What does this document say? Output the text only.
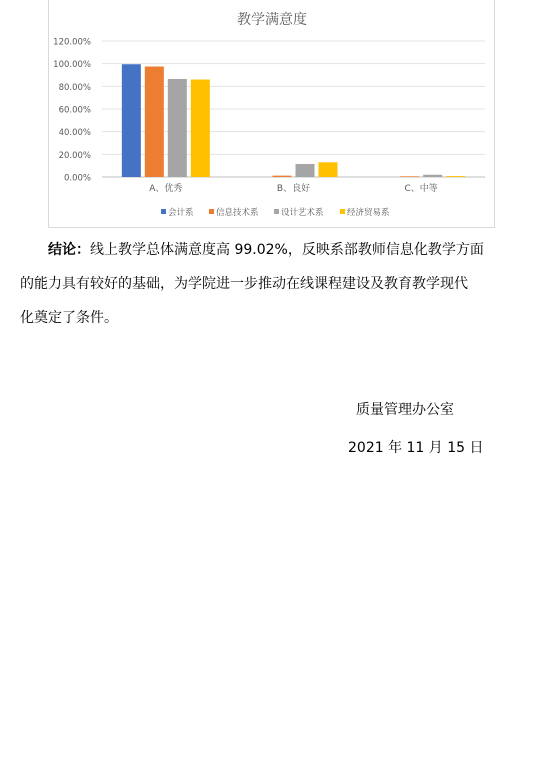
教学满意度
0.00%
20.00%
40.00%
60.00%
80.00%
100.00%
120.00%
A、优秀	B、良好	C、中等
会计系	信息技术系	设计艺术系	经济贸易系

结论：线上教学总体满意度高 99.02%，反映系部教师信息化教学方面
的能力具有较好的基础，为学院进一步推动在线课程建设及教育教学现代
化奠定了条件。

质量管理办公室
2021 年 11 月 15 日
